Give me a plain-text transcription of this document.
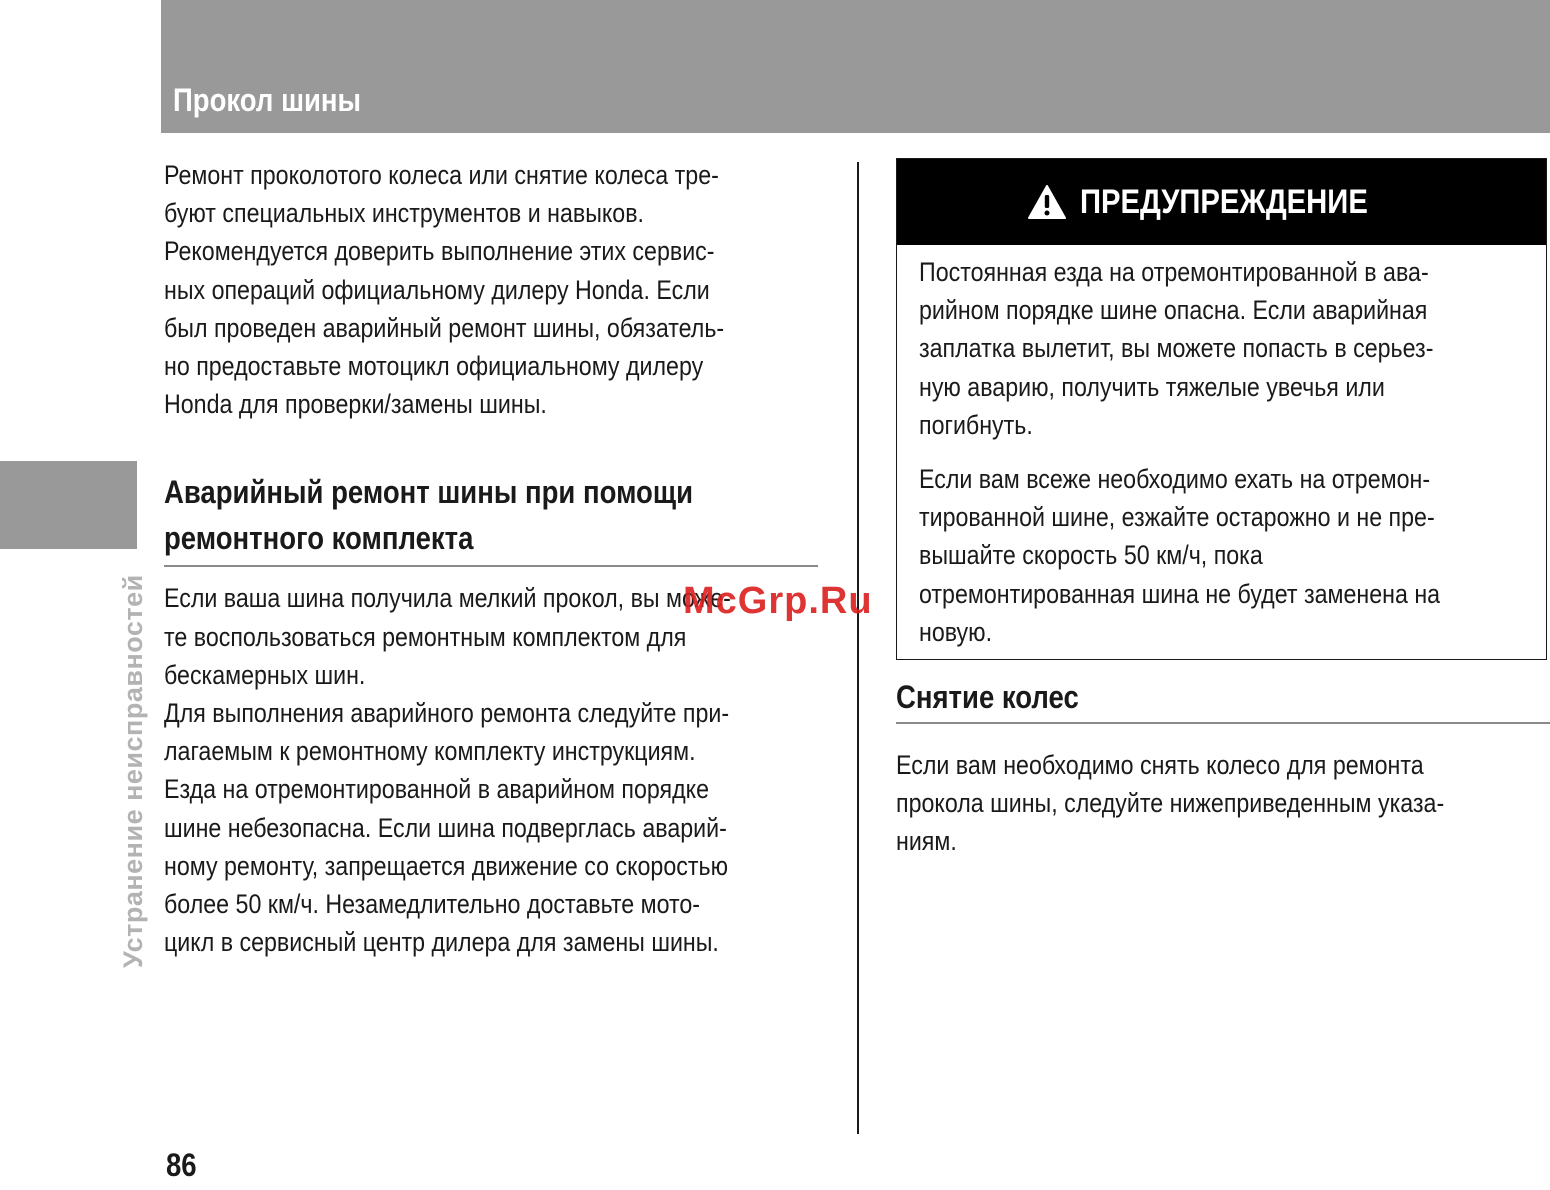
Прокол шины
Устранение неисправностей

Ремонт проколотого колеса или снятие колеса тре-
буют специальных инструментов и навыков.
Рекомендуется доверить выполнение этих сервис-
ных операций официальному дилеру Honda. Если
был проведен аварийный ремонт шины, обязатель-
но предоставьте мотоцикл официальному дилеру
Honda для проверки/замены шины.

Аварийный ремонт шины при помощи
ремонтного комплекта

Если ваша шина получила мелкий прокол, вы може-
те воспользоваться ремонтным комплектом для
бескамерных шин.

Для выполнения аварийного ремонта следуйте при-
лагаемым к ремонтному комплекту инструкциям.
Езда на отремонтированной в аварийном порядке
шине небезопасна. Если шина подверглась аварий-
ному ремонту, запрещается движение со скоростью
более 50 км/ч. Незамедлительно доставьте мото-
цикл в сервисный центр дилера для замены шины.

ПРЕДУПРЕЖДЕНИЕ

Постоянная езда на отремонтированной в ава-
рийном порядке шине опасна. Если аварийная
заплатка вылетит, вы можете попасть в серьез-
ную аварию, получить тяжелые увечья или
погибнуть.

Если вам всеже необходимо ехать на отремон-
тированной шине, езжайте остарожно и не пре-
вышайте скорость 50 км/ч, пока
отремонтированная шина не будет заменена на
новую.

Снятие колес

Если вам необходимо снять колесо для ремонта
прокола шины, следуйте нижеприведенным указа-
ниям.

86
McGrp.Ru
